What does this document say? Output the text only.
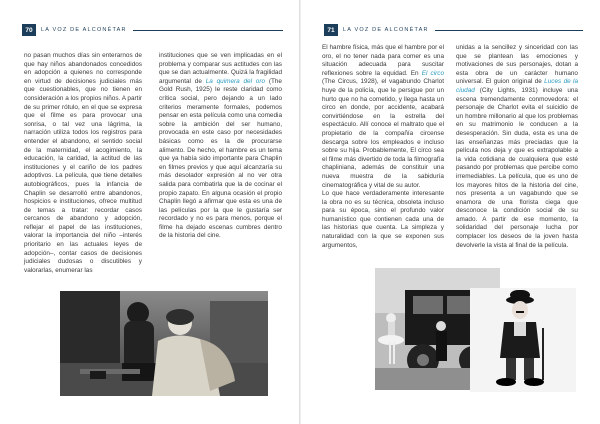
70	LA VOZ DE ALCONÉTAR

no pasan muchos días sin enterarnos de que hay niños abandonados concedidos en adopción a quienes no corresponde en virtud de decisiones judiciales más que cuestionables, que no tienen en consideración a los propios niños. A partir de su primer rótulo, en el que se expresa que el filme es para provocar una sonrisa, o tal vez una lágrima, la narración utiliza todos los registros para entender el abandono, el sentido social de la maternidad, el acogimiento, la educación, la caridad, la actitud de las instituciones y el cariño de los padres adoptivos. La película, que tiene detalles autobiográficos, pues la infancia de Chaplin se desarrolló entre abandonos, hospicios e instituciones, ofrece multitud de temas a tratar: recordar casos cercanos de abandono y adopción, reflejar el papel de las instituciones, valorar la importancia del niño –interés prioritario en las actuales leyes de adopción–, contar casos de decisiones judiciales dudosas o discutibles y valorarlas, enumerar las

instituciones que se ven implicadas en el problema y comparar sus actitudes con las que se dan actualmente. Quizá la fragilidad argumental de La quimera del oro (The Gold Rush, 1925) le reste claridad como crítica social, pero dejando a un lado criterios meramente formales, podemos pensar en esta película como una comedia sobre la ambición del ser humano, provocada en este caso por necesidades básicas como es la de procurarse alimento. De hecho, el hambre es un tema que ya había sido importante para Chaplin en filmes previos y que aquí alcanzaría su más desolador expresión al no ver otra salida para combatirla que la de cocinar el propio zapato. En alguna ocasión el propio Chaplin llegó a afirmar que esta es una de las películas por la que le gustaría ser recordado y no es para menos, porque el filme ha dejado escenas cumbres dentro de la historia del cine.

71	LA VOZ DE ALCONÉTAR

El hambre física, más que el hambre por el oro, el no tener nada para comer es una situación adecuada para suscitar reflexiones sobre la equidad. En El circo (The Circus, 1928), el vagabundo Charlot huye de la policía, que le persigue por un hurto que no ha cometido, y llega hasta un circo en donde, por accidente, acabará convirtiéndose en la estrella del espectáculo. Allí conoce el maltrato que el propietario de la compañía circense descarga sobre los empleados e incluso sobre su hija. Probablemente, El circo sea el filme más divertido de toda la filmografía chapliniana, además de constituir una nueva muestra de la sabiduría cinematográfica y vital de su autor.

Lo que hace verdaderamente interesante la obra no es su técnica, obsoleta incluso para su época, sino el profundo valor humanístico que contienen cada una de las historias que cuenta. La simpleza y naturalidad con la que se exponen sus argumentos,

unidas a la sencillez y sinceridad con las que se plantean las emociones y motivaciones de sus personajes, dotan a esta obra de un carácter humano universal. El guion original de Luces de la ciudad (City Lights, 1931) incluye una escena tremendamente conmovedora: el personaje de Charlot evita el suicidio de un hombre millonario al que los problemas en su matrimonio le conducen a la desesperación. Sin duda, esta es una de las enseñanzas más preciadas que la película nos deja y que es extrapolable a la vida cotidiana de cualquiera que esté pasando por problemas que percibe como irremediables. La película, que es uno de los mayores hitos de la historia del cine, nos presenta a un vagabundo que se enamora de una florista ciega que desconoce la condición social de su amado. A partir de ese momento, la solidaridad del personaje lucha por complacer los deseos de la joven hasta devolverle la vista al final de la película.
